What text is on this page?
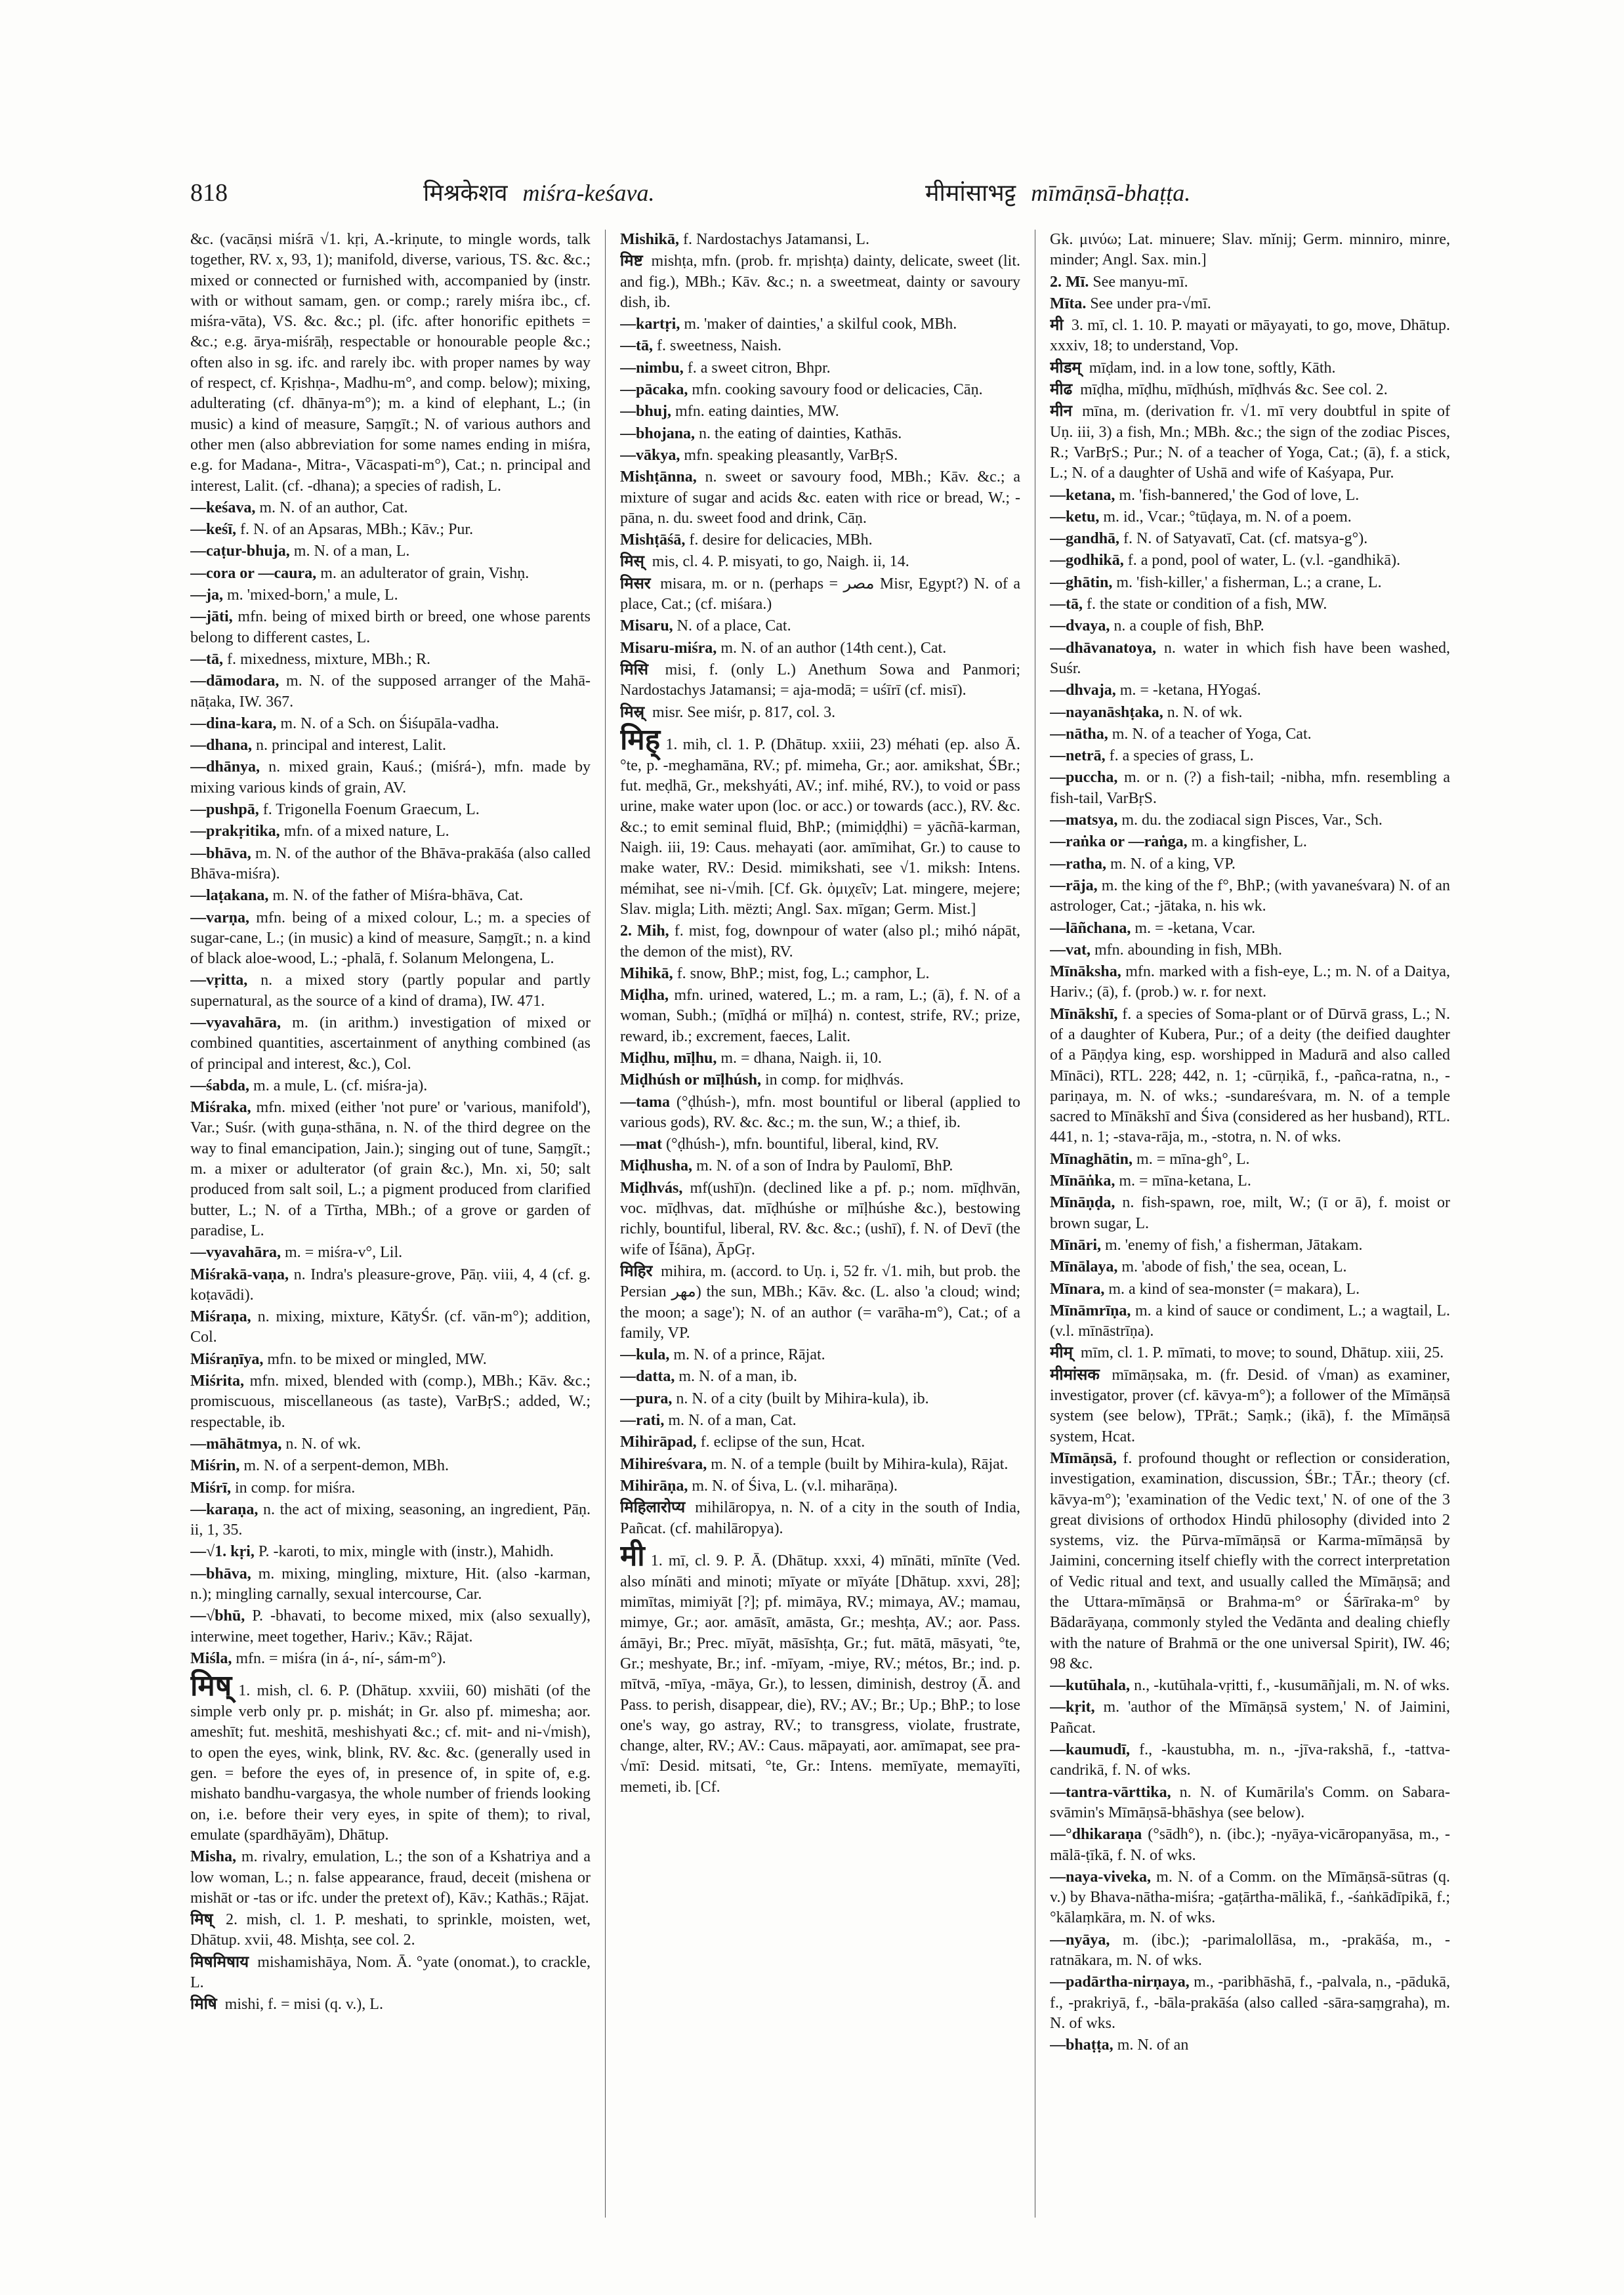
818	मिश्रकेशव miśra-keśava.	मीमांसाभट्ट mīmāṇsā-bhaṭṭa.

&c. (vacāṇsi miśrā √1. kṛi, A.-kriṇute, to mingle words, talk together, RV. x, 93, 1); manifold, diverse, various, TS. &c. &c.; mixed or connected or furnished with, accompanied by (instr. with or without samam, gen. or comp.; rarely miśra ibc., cf. miśra-vāta), VS. &c. &c.; pl. (ifc. after honorific epithets = &c.; e.g. ārya-miśrāḥ, respectable or honourable people &c.; often also in sg. ifc. and rarely ibc. with proper names by way of respect, cf. Kṛishṇa-, Madhu-m°, and comp. below); mixing, adulterating (cf. dhānya-m°); m. a kind of elephant, L.; (in music) a kind of measure, Saṃgīt.; N. of various authors and other men (also abbreviation for some names ending in miśra, e.g. for Madana-, Mitra-, Vācaspati-m°), Cat.; n. principal and interest, Lalit. (cf. -dhana); a species of radish, L.

—keśava, m. N. of an author, Cat.

—keśī, f. N. of an Apsaras, MBh.; Kāv.; Pur.

—caṭur-bhuja, m. N. of a man, L.

—cora or —caura, m. an adulterator of grain, Vishṇ.

—ja, m. 'mixed-born,' a mule, L.

—jāti, mfn. being of mixed birth or breed, one whose parents belong to different castes, L.

—tā, f. mixedness, mixture, MBh.; R.

—dāmodara, m. N. of the supposed arranger of the Mahā-nāṭaka, IW. 367.

—dina-kara, m. N. of a Sch. on Śiśupāla-vadha.

—dhana, n. principal and interest, Lalit.

—dhānya, n. mixed grain, Kauś.; (miśrá-), mfn. made by mixing various kinds of grain, AV.

—pushpā, f. Trigonella Foenum Graecum, L.

—prakṛitika, mfn. of a mixed nature, L.

—bhāva, m. N. of the author of the Bhāva-prakāśa (also called Bhāva-miśra).

—laṭakana, m. N. of the father of Miśra-bhāva, Cat.

—varṇa, mfn. being of a mixed colour, L.; m. a species of sugar-cane, L.; (in music) a kind of measure, Saṃgīt.; n. a kind of black aloe-wood, L.; -phalā, f. Solanum Melongena, L.

—vṛitta, n. a mixed story (partly popular and partly supernatural, as the source of a kind of drama), IW. 471.

—vyavahāra, m. (in arithm.) investigation of mixed or combined quantities, ascertainment of anything combined (as of principal and interest, &c.), Col.

—śabda, m. a mule, L. (cf. miśra-ja).

Miśraka, mfn. mixed (either 'not pure' or 'various, manifold'), Var.; Suśr. (with guṇa-sthāna, n. N. of the third degree on the way to final emancipation, Jain.); singing out of tune, Saṃgīt.; m. a mixer or adulterator (of grain &c.), Mn. xi, 50; salt produced from salt soil, L.; a pigment produced from clarified butter, L.; N. of a Tīrtha, MBh.; of a grove or garden of paradise, L.

—vyavahāra, m. = miśra-v°, Lil.

Miśrakā-vaṇa, n. Indra's pleasure-grove, Pāṇ. viii, 4, 4 (cf. g. koṭavādi).

Miśraṇa, n. mixing, mixture, KātyŚr. (cf. vān-m°); addition, Col.

Miśraṇīya, mfn. to be mixed or mingled, MW.

Miśrita, mfn. mixed, blended with (comp.), MBh.; Kāv. &c.; promiscuous, miscellaneous (as taste), VarBṛS.; added, W.; respectable, ib.

—māhātmya, n. N. of wk.

Miśrin, m. N. of a serpent-demon, MBh.

Miśrī, in comp. for miśra.

—karaṇa, n. the act of mixing, seasoning, an ingredient, Pāṇ. ii, 1, 35.

—√1. kṛi, P. -karoti, to mix, mingle with (instr.), Mahidh.

—bhāva, m. mixing, mingling, mixture, Hit. (also -karman, n.); mingling carnally, sexual intercourse, Car.

—√bhū, P. -bhavati, to become mixed, mix (also sexually), interwine, meet together, Hariv.; Kāv.; Rājat.

Miśla, mfn. = miśra (in á-, ní-, sám-m°).

मिष् 1. mish, cl. 6. P. (Dhātup. xxviii, 60) mishāti (of the simple verb only pr. p. mishát; in Gr. also pf. mimesha; aor. ameshīt; fut. meshitā, meshishyati &c.; cf. mit- and ni-√mish), to open the eyes, wink, blink, RV. &c. &c. (generally used in gen. = before the eyes of, in presence of, in spite of, e.g. mishato bandhu-vargasya, the whole number of friends looking on, i.e. before their very eyes, in spite of them); to rival, emulate (spardhāyām), Dhātup.

Misha, m. rivalry, emulation, L.; the son of a Kshatriya and a low woman, L.; n. false appearance, fraud, deceit (mishena or mishāt or -tas or ifc. under the pretext of), Kāv.; Kathās.; Rājat.

मिष् 2. mish, cl. 1. P. meshati, to sprinkle, moisten, wet, Dhātup. xvii, 48. Mishṭa, see col. 2.

मिषमिषाय mishamishāya, Nom. Ā. °yate (onomat.), to crackle, L.

मिषि mishi, f. = misi (q. v.), L.

Mishikā, f. Nardostachys Jatamansi, L.

मिष्ट mishṭa, mfn. (prob. fr. mṛishṭa) dainty, delicate, sweet (lit. and fig.), MBh.; Kāv. &c.; n. a sweetmeat, dainty or savoury dish, ib.

—kartṛi, m. 'maker of dainties,' a skilful cook, MBh.

—tā, f. sweetness, Naish.

—nimbu, f. a sweet citron, Bhpr.

—pācaka, mfn. cooking savoury food or delicacies, Cāṇ.

—bhuj, mfn. eating dainties, MW.

—bhojana, n. the eating of dainties, Kathās.

—vākya, mfn. speaking pleasantly, VarBṛS.

Mishṭānna, n. sweet or savoury food, MBh.; Kāv. &c.; a mixture of sugar and acids &c. eaten with rice or bread, W.; -pāna, n. du. sweet food and drink, Cāṇ.

Mishṭāśā, f. desire for delicacies, MBh.

मिस् mis, cl. 4. P. misyati, to go, Naigh. ii, 14.

मिसर misara, m. or n. (perhaps = مصر Misr, Egypt?) N. of a place, Cat.; (cf. miśara.)

Misaru, N. of a place, Cat.

Misaru-miśra, m. N. of an author (14th cent.), Cat.

मिसि misi, f. (only L.) Anethum Sowa and Panmori; Nardostachys Jatamansi; = aja-modā; = uśīrī (cf. misī).

मिस्र् misr. See miśr, p. 817, col. 3.

मिह् 1. mih, cl. 1. P. (Dhātup. xxiii, 23) méhati (ep. also Ā. °te, p. -meghamāna, RV.; pf. mimeha, Gr.; aor. amikshat, ŚBr.; fut. meḍhā, Gr., mekshyáti, AV.; inf. mihé, RV.), to void or pass urine, make water upon (loc. or acc.) or towards (acc.), RV. &c. &c.; to emit seminal fluid, BhP.; (mimiḍḍhi) = yācñā-karman, Naigh. iii, 19: Caus. mehayati (aor. amīmihat, Gr.) to cause to make water, RV.: Desid. mimikshati, see √1. miksh: Intens. mémihat, see ni-√mih. [Cf. Gk. ὀμιχεῖν; Lat. mingere, mejere; Slav. migla; Lith. mëzti; Angl. Sax. mīgan; Germ. Mist.]

2. Mih, f. mist, fog, downpour of water (also pl.; mihó nápāt, the demon of the mist), RV.

Mihikā, f. snow, BhP.; mist, fog, L.; camphor, L.

Miḍha, mfn. urined, watered, L.; m. a ram, L.; (ā), f. N. of a woman, Subh.; (mīḍhá or mīḷhá) n. contest, strife, RV.; prize, reward, ib.; excrement, faeces, Lalit.

Miḍhu, mīḷhu, m. = dhana, Naigh. ii, 10.

Miḍhúsh or mīḷhúsh, in comp. for miḍhvás.

—tama (°ḍhúsh-), mfn. most bountiful or liberal (applied to various gods), RV. &c. &c.; m. the sun, W.; a thief, ib.

—mat (°ḍhúsh-), mfn. bountiful, liberal, kind, RV.

Miḍhusha, m. N. of a son of Indra by Paulomī, BhP.

Miḍhvás, mf(ushī)n. (declined like a pf. p.; nom. mīḍhvān, voc. mīḍhvas, dat. mīḍhúshe or mīḷhúshe &c.), bestowing richly, bountiful, liberal, RV. &c. &c.; (ushī), f. N. of Devī (the wife of Īśāna), ĀpGṛ.

मिहिर mihira, m. (accord. to Uṇ. i, 52 fr. √1. mih, but prob. the Persian مهر) the sun, MBh.; Kāv. &c. (L. also 'a cloud; wind; the moon; a sage'); N. of an author (= varāha-m°), Cat.; of a family, VP.

—kula, m. N. of a prince, Rājat.

—datta, m. N. of a man, ib.

—pura, n. N. of a city (built by Mihira-kula), ib.

—rati, m. N. of a man, Cat.

Mihirāpad, f. eclipse of the sun, Hcat.

Mihireśvara, m. N. of a temple (built by Mihira-kula), Rājat.

Mihirāṇa, m. N. of Śiva, L. (v.l. miharāṇa).

मिहिलारोप्य mihilāropya, n. N. of a city in the south of India, Pañcat. (cf. mahilāropya).

मी 1. mī, cl. 9. P. Ā. (Dhātup. xxxi, 4) mīnāti, mīnīte (Ved. also mínāti and minoti; mīyate or mīyáte [Dhātup. xxvi, 28]; mimītas, mimiyāt [?]; pf. mimāya, RV.; mimaya, AV.; mamau, mimye, Gr.; aor. amāsīt, amāsta, Gr.; meshṭa, AV.; aor. Pass. ámāyi, Br.; Prec. mīyāt, māsīshṭa, Gr.; fut. mātā, māsyati, °te, Gr.; meshyate, Br.; inf. -mīyam, -miye, RV.; métos, Br.; ind. p. mītvā, -mīya, -māya, Gr.), to lessen, diminish, destroy (Ā. and Pass. to perish, disappear, die), RV.; AV.; Br.; Up.; BhP.; to lose one's way, go astray, RV.; to transgress, violate, frustrate, change, alter, RV.; AV.: Caus. māpayati, aor. amīmapat, see pra-√mī: Desid. mitsati, °te, Gr.: Intens. memīyate, memayīti, memeti, ib. [Cf.

Gk. μινύω; Lat. minuere; Slav. mĭnij; Germ. minniro, minre, minder; Angl. Sax. min.]

2. Mī. See manyu-mī.

Mīta. See under pra-√mī.

मी 3. mī, cl. 1. 10. P. mayati or māyayati, to go, move, Dhātup. xxxiv, 18; to understand, Vop.

मीडम् mīḍam, ind. in a low tone, softly, Kāth.

मीढ mīḍha, mīḍhu, mīḍhúsh, mīḍhvás &c. See col. 2.

मीन mīna, m. (derivation fr. √1. mī very doubtful in spite of Uṇ. iii, 3) a fish, Mn.; MBh. &c.; the sign of the zodiac Pisces, R.; VarBṛS.; Pur.; N. of a teacher of Yoga, Cat.; (ā), f. a stick, L.; N. of a daughter of Ushā and wife of Kaśyapa, Pur.

—ketana, m. 'fish-bannered,' the God of love, L.

—ketu, m. id., Vcar.; °tūḍaya, m. N. of a poem.

—gandhā, f. N. of Satyavatī, Cat. (cf. matsya-g°).

—godhikā, f. a pond, pool of water, L. (v.l. -gandhikā).

—ghātin, m. 'fish-killer,' a fisherman, L.; a crane, L.

—tā, f. the state or condition of a fish, MW.

—dvaya, n. a couple of fish, BhP.

—dhāvanatoya, n. water in which fish have been washed, Suśr.

—dhvaja, m. = -ketana, HYogaś.

—nayanāshṭaka, n. N. of wk.

—nātha, m. N. of a teacher of Yoga, Cat.

—netrā, f. a species of grass, L.

—puccha, m. or n. (?) a fish-tail; -nibha, mfn. resembling a fish-tail, VarBṛS.

—matsya, m. du. the zodiacal sign Pisces, Var., Sch.

—raṅka or —raṅga, m. a kingfisher, L.

—ratha, m. N. of a king, VP.

—rāja, m. the king of the f°, BhP.; (with yavaneśvara) N. of an astrologer, Cat.; -jātaka, n. his wk.

—lāñchana, m. = -ketana, Vcar.

—vat, mfn. abounding in fish, MBh.

Mīnāksha, mfn. marked with a fish-eye, L.; m. N. of a Daitya, Hariv.; (ā), f. (prob.) w. r. for next.

Mīnākshī, f. a species of Soma-plant or of Dūrvā grass, L.; N. of a daughter of Kubera, Pur.; of a deity (the deified daughter of a Pāṇḍya king, esp. worshipped in Madurā and also called Mīnāci), RTL. 228; 442, n. 1; -cūrṇikā, f., -pañca-ratna, n., -pariṇaya, m. N. of wks.; -sundareśvara, m. N. of a temple sacred to Mīnākshī and Śiva (considered as her husband), RTL. 441, n. 1; -stava-rāja, m., -stotra, n. N. of wks.

Mīnaghātin, m. = mīna-gh°, L.

Mīnāṅka, m. = mīna-ketana, L.

Mīnāṇḍa, n. fish-spawn, roe, milt, W.; (ī or ā), f. moist or brown sugar, L.

Mīnāri, m. 'enemy of fish,' a fisherman, Jātakam.

Mīnālaya, m. 'abode of fish,' the sea, ocean, L.

Mīnara, m. a kind of sea-monster (= makara), L.

Mīnāmrīṇa, m. a kind of sauce or condiment, L.; a wagtail, L. (v.l. mīnāstrīṇa).

मीम् mīm, cl. 1. P. mīmati, to move; to sound, Dhātup. xiii, 25.

मीमांसक mīmāṇsaka, m. (fr. Desid. of √man) as examiner, investigator, prover (cf. kāvya-m°); a follower of the Mīmāṇsā system (see below), TPrāt.; Saṃk.; (ikā), f. the Mīmāṇsā system, Hcat.

Mīmāṇsā, f. profound thought or reflection or consideration, investigation, examination, discussion, ŚBr.; TĀr.; theory (cf. kāvya-m°); 'examination of the Vedic text,' N. of one of the 3 great divisions of orthodox Hindū philosophy (divided into 2 systems, viz. the Pūrva-mīmāṇsā or Karma-mīmāṇsā by Jaimini, concerning itself chiefly with the correct interpretation of Vedic ritual and text, and usually called the Mīmāṇsā; and the Uttara-mīmāṇsā or Brahma-m° or Śārīraka-m° by Bādarāyaṇa, commonly styled the Vedānta and dealing chiefly with the nature of Brahmā or the one universal Spirit), IW. 46; 98 &c.

—kutūhala, n., -kutūhala-vṛitti, f., -kusumāñjali, m. N. of wks.

—kṛit, m. 'author of the Mīmāṇsā system,' N. of Jaimini, Pañcat.

—kaumudī, f., -kaustubha, m. n., -jīva-rakshā, f., -tattva-candrikā, f. N. of wks.

—tantra-vārttika, n. N. of Kumārila's Comm. on Sabara-svāmin's Mīmāṇsā-bhāshya (see below).

—°dhikaraṇa (°sādh°), n. (ibc.); -nyāya-vicāropanyāsa, m., -mālā-ṭīkā, f. N. of wks.

—naya-viveka, m. N. of a Comm. on the Mīmāṇsā-sūtras (q. v.) by Bhava-nātha-miśra; -gaṭārtha-mālikā, f., -śaṅkādīpikā, f.; °kālaṃkāra, m. N. of wks.

—nyāya, m. (ibc.); -parimalollāsa, m., -prakāśa, m., -ratnākara, m. N. of wks.

—padārtha-nirṇaya, m., -paribhāshā, f., -palvala, n., -pādukā, f., -prakriyā, f., -bāla-prakāśa (also called -sāra-saṃgraha), m. N. of wks.

—bhaṭṭa, m. N. of an
